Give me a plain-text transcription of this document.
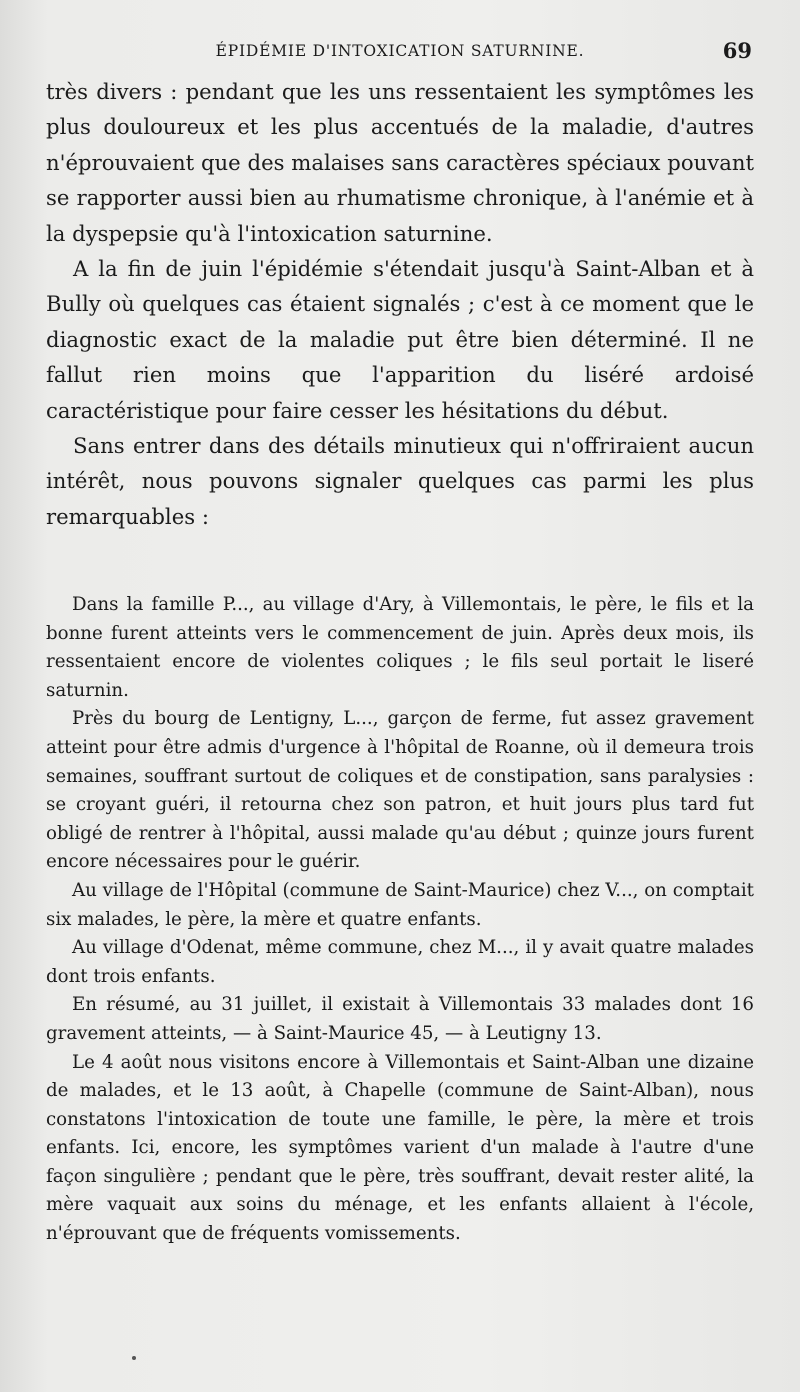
ÉPIDÉMIE D'INTOXICATION SATURNINE.	69

très divers : pendant que les uns ressentaient les symptômes les plus douloureux et les plus accentués de la maladie, d'autres n'éprouvaient que des malaises sans caractères spéciaux pouvant se rapporter aussi bien au rhumatisme chronique, à l'anémie et à la dyspepsie qu'à l'intoxication saturnine.

A la fin de juin l'épidémie s'étendait jusqu'à Saint-Alban et à Bully où quelques cas étaient signalés ; c'est à ce moment que le diagnostic exact de la maladie put être bien déterminé. Il ne fallut rien moins que l'apparition du liséré ardoisé caractéristique pour faire cesser les hésitations du début.

Sans entrer dans des détails minutieux qui n'offriraient aucun intérêt, nous pouvons signaler quelques cas parmi les plus remarquables :

Dans la famille P..., au village d'Ary, à Villemontais, le père, le fils et la bonne furent atteints vers le commencement de juin. Après deux mois, ils ressentaient encore de violentes coliques ; le fils seul portait le liseré saturnin.

Près du bourg de Lentigny, L..., garçon de ferme, fut assez gravement atteint pour être admis d'urgence à l'hôpital de Roanne, où il demeura trois semaines, souffrant surtout de coliques et de constipation, sans paralysies : se croyant guéri, il retourna chez son patron, et huit jours plus tard fut obligé de rentrer à l'hôpital, aussi malade qu'au début ; quinze jours furent encore nécessaires pour le guérir.

Au village de l'Hôpital (commune de Saint-Maurice) chez V..., on comptait six malades, le père, la mère et quatre enfants.

Au village d'Odenat, même commune, chez M..., il y avait quatre malades dont trois enfants.

En résumé, au 31 juillet, il existait à Villemontais 33 malades dont 16 gravement atteints, — à Saint-Maurice 45, — à Leutigny 13.

Le 4 août nous visitons encore à Villemontais et Saint-Alban une dizaine de malades, et le 13 août, à Chapelle (commune de Saint-Alban), nous constatons l'intoxication de toute une famille, le père, la mère et trois enfants. Ici, encore, les symptômes varient d'un malade à l'autre d'une façon singulière ; pendant que le père, très souffrant, devait rester alité, la mère vaquait aux soins du ménage, et les enfants allaient à l'école, n'éprouvant que de fréquents vomissements.
